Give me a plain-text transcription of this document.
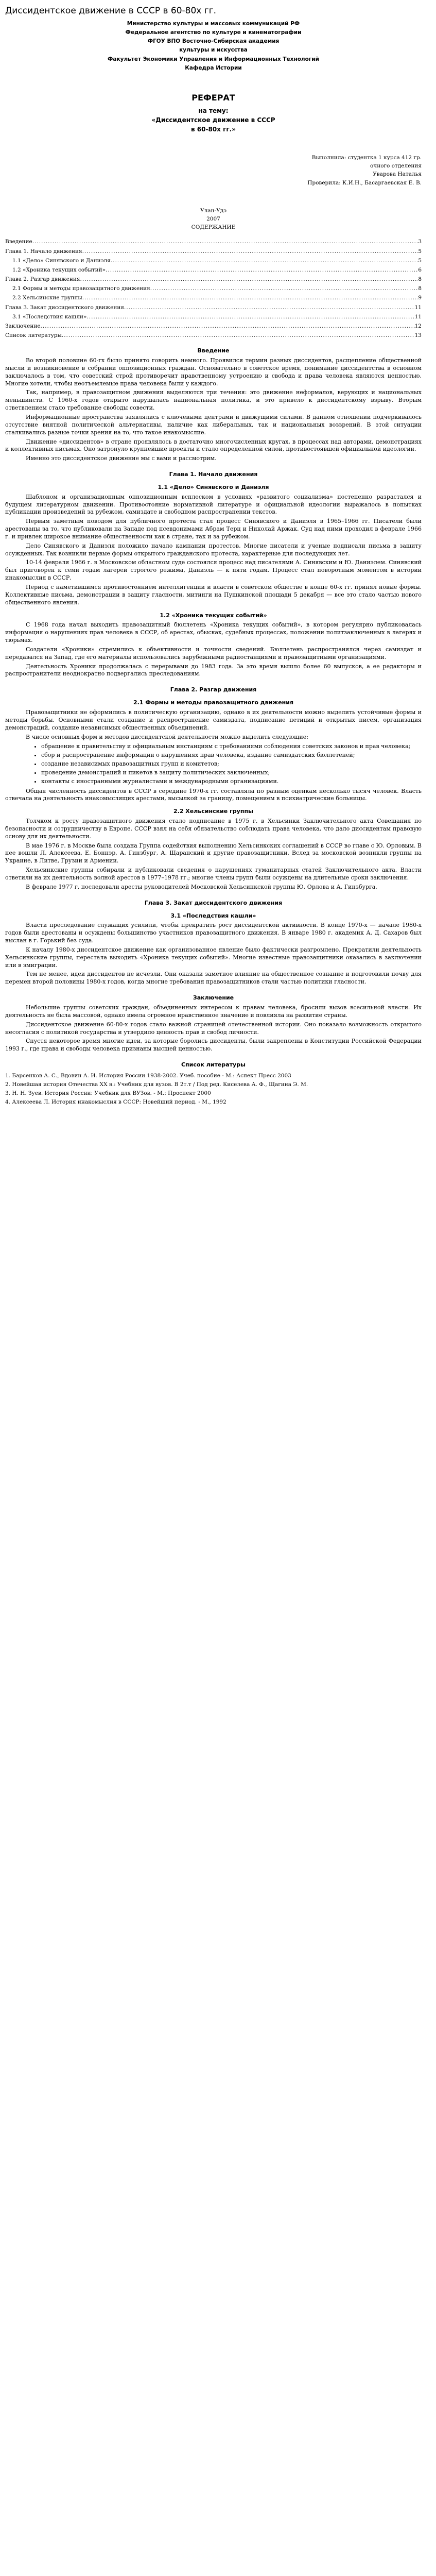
Диссидентское движение в СССР в 60-80х гг.
Министерство культуры и массовых коммуникаций РФ
Федеральное агентство по культуре и кинематографии
ФГОУ ВПО Восточно-Сибирская академия
культуры и искусства
Факультет Экономики Управления и Информационных Технологий
Кафедра Истории
РЕФЕРАТ
на тему:
«Диссидентское движение в СССР
в 60-80х гг.»
Выполнила: студентка 1 курса 412 гр.
очного отделения
Уварова Наталья
Проверила: К.И.Н., Басаргаевская Е. В.
Улан-Удэ
2007
СОДЕРЖАНИЕ
Введение .....	3
Глава 1. Начало движения .....	5
1.1 «Дело» Синявского и Даниэля .....	5
1.2 «Хроника текущих событий» .....	6
Глава 2. Разгар движения .....	8
2.1 Формы и методы правозащитного движения .....	8
2.2 Хельсинские группы .....	9
Глава 3. Закат диссидентского движения .....	11
3.1 «Последствия кашли» .....	11
Заключение .....	12
Список литературы .....	13
Введение

Во второй половине 60-гх было принято говорить немного. Проявился термин разных диссидентов, расщепление общественной мысли и возникновение в собрании оппозиционных граждан. Основательно в советское время, понимание диссидентства в основном заключалось в том, что советский строй противоречит нравственному устроению и свобода и права человека являются ценностью. Многие хотели, чтобы неотъемлемые права человека были у каждого.

Так, например, в правозащитном движении выделяются три течения: это движение неформалов, верующих и национальных меньшинств. С 1960-х годов открыто нарушалась национальная политика, и это привело к диссидентскому взрыву. Вторым ответвлением стало требование свободы совести.

Информационные пространства заявлялись с ключевыми центрами и движущими силами. В данном отношении подчеркивалось отсутствие внятной политической альтернативы, наличие как либеральных, так и национальных воззрений. В этой ситуации сталкивались разные точки зрения на то, что такое инакомыслие.

Движение «диссидентов» в стране проявлялось в достаточно многочисленных кругах, в процессах над авторами, демонстрациях и коллективных письмах. Оно затронуло крупнейшие проекты и стало определенной силой, противостоявшей официальной идеологии.

Именно это диссидентское движение мы с вами и рассмотрим.

Глава 1. Начало движения
1.1 «Дело» Синявского и Даниэля

Шаблоном и организационным оппозиционным всплеском в условиях «развитого социализма» постепенно разрастался и будущем литературном движении. Противостояние нормативной литературе и официальной идеологии выражалось в попытках публикации произведений за рубежом, самиздате и свободном распространении текстов.

Первым заметным поводом для публичного протеста стал процесс Синявского и Даниэля в 1965–1966 гг. Писатели были арестованы за то, что публиковали на Западе под псевдонимами Абрам Терц и Николай Аржак. Суд над ними проходил в феврале 1966 г. и привлек широкое внимание общественности как в стране, так и за рубежом.

Дело Синявского и Даниэля положило начало кампании протестов. Многие писатели и ученые подписали письма в защиту осужденных. Так возникли первые формы открытого гражданского протеста, характерные для последующих лет.

10-14 февраля 1966 г. в Московском областном суде состоялся процесс над писателями А. Синявским и Ю. Даниэлем. Синявский был приговорен к семи годам лагерей строгого режима, Даниэль — к пяти годам. Процесс стал поворотным моментом в истории инакомыслия в СССР.

Период с наметившимся противостоянием интеллигенции и власти в советском обществе в конце 60-х гг. принял новые формы. Коллективные письма, демонстрации в защиту гласности, митинги на Пушкинской площади 5 декабря — все это стало частью нового общественного явления.

1.2 «Хроника текущих событий»

С 1968 года начал выходить правозащитный бюллетень «Хроника текущих событий», в котором регулярно публиковалась информация о нарушениях прав человека в СССР, об арестах, обысках, судебных процессах, положении политзаключенных в лагерях и тюрьмах.

Создатели «Хроники» стремились к объективности и точности сведений. Бюллетень распространялся через самиздат и передавался на Запад, где его материалы использовались зарубежными радиостанциями и правозащитными организациями.

Деятельность Хроники продолжалась с перерывами до 1983 года. За это время вышло более 60 выпусков, а ее редакторы и распространители неоднократно подвергались преследованиям.

Глава 2. Разгар движения
2.1 Формы и методы правозащитного движения

Правозащитники не оформились в политическую организацию, однако в их деятельности можно выделить устойчивые формы и методы борьбы. Основными стали создание и распространение самиздата, подписание петиций и открытых писем, организация демонстраций, создание независимых общественных объединений.

В числе основных форм и методов диссидентской деятельности можно выделить следующие:

• обращение к правительству и официальным инстанциям с требованиями соблюдения советских законов и прав человека;
• сбор и распространение информации о нарушениях прав человека, издание самиздатских бюллетеней;
• создание независимых правозащитных групп и комитетов;
• проведение демонстраций и пикетов в защиту политических заключенных;
• контакты с иностранными журналистами и международными организациями.

Общая численность диссидентов в СССР в середине 1970-х гг. составляла по разным оценкам несколько тысяч человек. Власть отвечала на деятельность инакомыслящих арестами, высылкой за границу, помещением в психиатрические больницы.

2.2 Хельсинские группы

Толчком к росту правозащитного движения стало подписание в 1975 г. в Хельсинки Заключительного акта Совещания по безопасности и сотрудничеству в Европе. СССР взял на себя обязательство соблюдать права человека, что дало диссидентам правовую основу для их деятельности.

В мае 1976 г. в Москве была создана Группа содействия выполнению Хельсинкских соглашений в СССР во главе с Ю. Орловым. В нее вошли Л. Алексеева, Е. Боннэр, А. Гинзбург, А. Щаранский и другие правозащитники. Вслед за московской возникли группы на Украине, в Литве, Грузии и Армении.

Хельсинкские группы собирали и публиковали сведения о нарушениях гуманитарных статей Заключительного акта. Власти ответили на их деятельность волной арестов в 1977–1978 гг.; многие члены групп были осуждены на длительные сроки заключения.

В феврале 1977 г. последовали аресты руководителей Московской Хельсинкской группы Ю. Орлова и А. Гинзбурга.

Глава 3. Закат диссидентского движения
3.1 «Последствия кашли»

Власти преследование служащих усилили, чтобы прекратить рост диссидентской активности. В конце 1970-х — начале 1980-х годов были арестованы и осуждены большинство участников правозащитного движения. В январе 1980 г. академик А. Д. Сахаров был выслан в г. Горький без суда.

К началу 1980-х диссидентское движение как организованное явление было фактически разгромлено. Прекратили деятельность Хельсинкские группы, перестала выходить «Хроника текущих событий». Многие известные правозащитники оказались в заключении или в эмиграции.

Тем не менее, идеи диссидентов не исчезли. Они оказали заметное влияние на общественное сознание и подготовили почву для перемен второй половины 1980-х годов, когда многие требования правозащитников стали частью политики гласности.

Заключение

Небольшие группы советских граждан, объединенных интересом к правам человека, бросили вызов всесильной власти. Их деятельность не была массовой, однако имела огромное нравственное значение и повлияла на развитие страны.

Диссидентское движение 60-80-х годов стало важной страницей отечественной истории. Оно показало возможность открытого несогласия с политикой государства и утвердило ценность прав и свобод личности.

Спустя некоторое время многие идеи, за которые боролись диссиденты, были закреплены в Конституции Российской Федерации 1993 г., где права и свободы человека признаны высшей ценностью.

Список литературы
1. Барсенков А. С., Вдовин А. И. История России 1938-2002. Учеб. пособие - М.: Аспект Пресс 2003
2. Новейшая история Отечества ХХ в.: Учебник для вузов. В 2т.т / Под ред. Киселева А. Ф., Щагина Э. М.
3. Н. Н. Зуев. История России: Учебник для ВУЗов. - М.: Проспект 2000
4. Алексеева Л. История инакомыслия в СССР: Новейший период. - М., 1992
